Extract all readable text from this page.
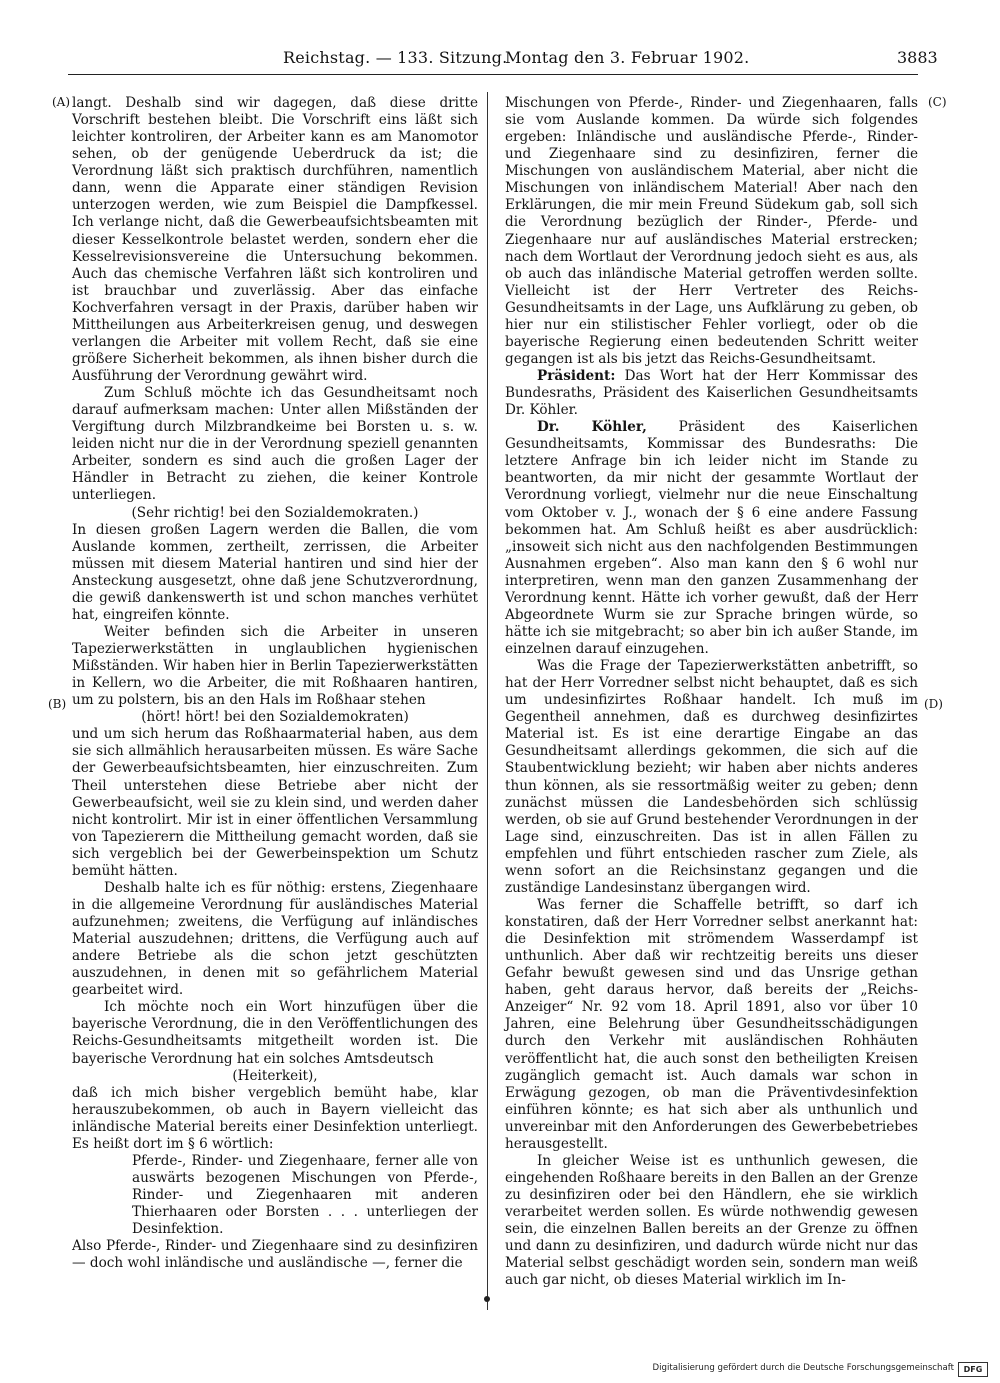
Reichstag. — 133. Sitzung.
Montag den 3. Februar 1902.	3883
(A)
(B)
(C)
(D)

langt. Deshalb sind wir dagegen, daß diese dritte Vorschrift bestehen bleibt. Die Vorschrift eins läßt sich leichter kontroliren, der Arbeiter kann es am Manomotor sehen, ob der genügende Ueberdruck da ist; die Verordnung läßt sich praktisch durchführen, namentlich dann, wenn die Apparate einer ständigen Revision unterzogen werden, wie zum Beispiel die Dampfkessel. Ich verlange nicht, daß die Gewerbeaufsichtsbeamten mit dieser Kesselkontrole belastet werden, sondern eher die Kesselrevisionsvereine die Untersuchung bekommen. Auch das chemische Verfahren läßt sich kontroliren und ist brauchbar und zuverlässig. Aber das einfache Kochverfahren versagt in der Praxis, darüber haben wir Mittheilungen aus Arbeiterkreisen genug, und deswegen verlangen die Arbeiter mit vollem Recht, daß sie eine größere Sicherheit bekommen, als ihnen bisher durch die Ausführung der Verordnung gewährt wird.

Zum Schluß möchte ich das Gesundheitsamt noch darauf aufmerksam machen: Unter allen Mißständen der Vergiftung durch Milzbrandkeime bei Borsten u. s. w. leiden nicht nur die in der Verordnung speziell genannten Arbeiter, sondern es sind auch die großen Lager der Händler in Betracht zu ziehen, die keiner Kontrole unterliegen.

(Sehr richtig! bei den Sozialdemokraten.)

In diesen großen Lagern werden die Ballen, die vom Auslande kommen, zertheilt, zerrissen, die Arbeiter müssen mit diesem Material hantiren und sind hier der Ansteckung ausgesetzt, ohne daß jene Schutzverordnung, die gewiß dankenswerth ist und schon manches verhütet hat, eingreifen könnte.

Weiter befinden sich die Arbeiter in unseren Tapezierwerkstätten in unglaublichen hygienischen Mißständen. Wir haben hier in Berlin Tapezierwerkstätten in Kellern, wo die Arbeiter, die mit Roßhaaren hantiren, um zu polstern, bis an den Hals im Roßhaar stehen

(hört! hört! bei den Sozialdemokraten)

und um sich herum das Roßhaarmaterial haben, aus dem sie sich allmählich herausarbeiten müssen. Es wäre Sache der Gewerbeaufsichtsbeamten, hier einzuschreiten. Zum Theil unterstehen diese Betriebe aber nicht der Gewerbeaufsicht, weil sie zu klein sind, und werden daher nicht kontrolirt. Mir ist in einer öffentlichen Versammlung von Tapezierern die Mittheilung gemacht worden, daß sie sich vergeblich bei der Gewerbeinspektion um Schutz bemüht hätten.

Deshalb halte ich es für nöthig: erstens, Ziegenhaare in die allgemeine Verordnung für ausländisches Material aufzunehmen; zweitens, die Verfügung auf inländisches Material auszudehnen; drittens, die Verfügung auch auf andere Betriebe als die schon jetzt geschützten auszudehnen, in denen mit so gefährlichem Material gearbeitet wird.

Ich möchte noch ein Wort hinzufügen über die bayerische Verordnung, die in den Veröffentlichungen des Reichs-Gesundheitsamts mitgetheilt worden ist. Die bayerische Verordnung hat ein solches Amtsdeutsch

(Heiterkeit),

daß ich mich bisher vergeblich bemüht habe, klar herauszubekommen, ob auch in Bayern vielleicht das inländische Material bereits einer Desinfektion unterliegt. Es heißt dort im § 6 wörtlich:

Pferde-, Rinder- und Ziegenhaare, ferner alle von auswärts bezogenen Mischungen von Pferde-, Rinder- und Ziegenhaaren mit anderen Thierhaaren oder Borsten . . . unterliegen der Desinfektion.

Also Pferde-, Rinder- und Ziegenhaare sind zu desinfiziren — doch wohl inländische und ausländische —, ferner die

Mischungen von Pferde-, Rinder- und Ziegenhaaren, falls sie vom Auslande kommen. Da würde sich folgendes ergeben: Inländische und ausländische Pferde-, Rinder- und Ziegenhaare sind zu desinfiziren, ferner die Mischungen von ausländischem Material, aber nicht die Mischungen von inländischem Material! Aber nach den Erklärungen, die mir mein Freund Südekum gab, soll sich die Verordnung bezüglich der Rinder-, Pferde- und Ziegenhaare nur auf ausländisches Material erstrecken; nach dem Wortlaut der Verordnung jedoch sieht es aus, als ob auch das inländische Material getroffen werden sollte. Vielleicht ist der Herr Vertreter des Reichs-Gesundheitsamts in der Lage, uns Aufklärung zu geben, ob hier nur ein stilistischer Fehler vorliegt, oder ob die bayerische Regierung einen bedeutenden Schritt weiter gegangen ist als bis jetzt das Reichs-Gesundheitsamt.

Präsident: Das Wort hat der Herr Kommissar des Bundesraths, Präsident des Kaiserlichen Gesundheitsamts Dr. Köhler.

Dr. Köhler, Präsident des Kaiserlichen Gesundheitsamts, Kommissar des Bundesraths: Die letztere Anfrage bin ich leider nicht im Stande zu beantworten, da mir nicht der gesammte Wortlaut der Verordnung vorliegt, vielmehr nur die neue Einschaltung vom Oktober v. J., wonach der § 6 eine andere Fassung bekommen hat. Am Schluß heißt es aber ausdrücklich: „insoweit sich nicht aus den nachfolgenden Bestimmungen Ausnahmen ergeben“. Also man kann den § 6 wohl nur interpretiren, wenn man den ganzen Zusammenhang der Verordnung kennt. Hätte ich vorher gewußt, daß der Herr Abgeordnete Wurm sie zur Sprache bringen würde, so hätte ich sie mitgebracht; so aber bin ich außer Stande, im einzelnen darauf einzugehen.

Was die Frage der Tapezierwerkstätten anbetrifft, so hat der Herr Vorredner selbst nicht behauptet, daß es sich um undesinfizirtes Roßhaar handelt. Ich muß im Gegentheil annehmen, daß es durchweg desinfizirtes Material ist. Es ist eine derartige Eingabe an das Gesundheitsamt allerdings gekommen, die sich auf die Staubentwicklung bezieht; wir haben aber nichts anderes thun können, als sie ressortmäßig weiter zu geben; denn zunächst müssen die Landesbehörden sich schlüssig werden, ob sie auf Grund bestehender Verordnungen in der Lage sind, einzuschreiten. Das ist in allen Fällen zu empfehlen und führt entschieden rascher zum Ziele, als wenn sofort an die Reichsinstanz gegangen und die zuständige Landesinstanz übergangen wird.

Was ferner die Schaffelle betrifft, so darf ich konstatiren, daß der Herr Vorredner selbst anerkannt hat: die Desinfektion mit strömendem Wasserdampf ist unthunlich. Aber daß wir rechtzeitig bereits uns dieser Gefahr bewußt gewesen sind und das Unsrige gethan haben, geht daraus hervor, daß bereits der „Reichs-Anzeiger“ Nr. 92 vom 18. April 1891, also vor über 10 Jahren, eine Belehrung über Gesundheitsschädigungen durch den Verkehr mit ausländischen Rohhäuten veröffentlicht hat, die auch sonst den betheiligten Kreisen zugänglich gemacht ist. Auch damals war schon in Erwägung gezogen, ob man die Präventivdesinfektion einführen könnte; es hat sich aber als unthunlich und unvereinbar mit den Anforderungen des Gewerbebetriebes herausgestellt.

In gleicher Weise ist es unthunlich gewesen, die eingehenden Roßhaare bereits in den Ballen an der Grenze zu desinfiziren oder bei den Händlern, ehe sie wirklich verarbeitet werden sollen. Es würde nothwendig gewesen sein, die einzelnen Ballen bereits an der Grenze zu öffnen und dann zu desinfiziren, und dadurch würde nicht nur das Material selbst geschädigt worden sein, sondern man weiß auch gar nicht, ob dieses Material wirklich im In-

Digitalisierung gefördert durch die Deutsche Forschungsgemeinschaft	DFG
